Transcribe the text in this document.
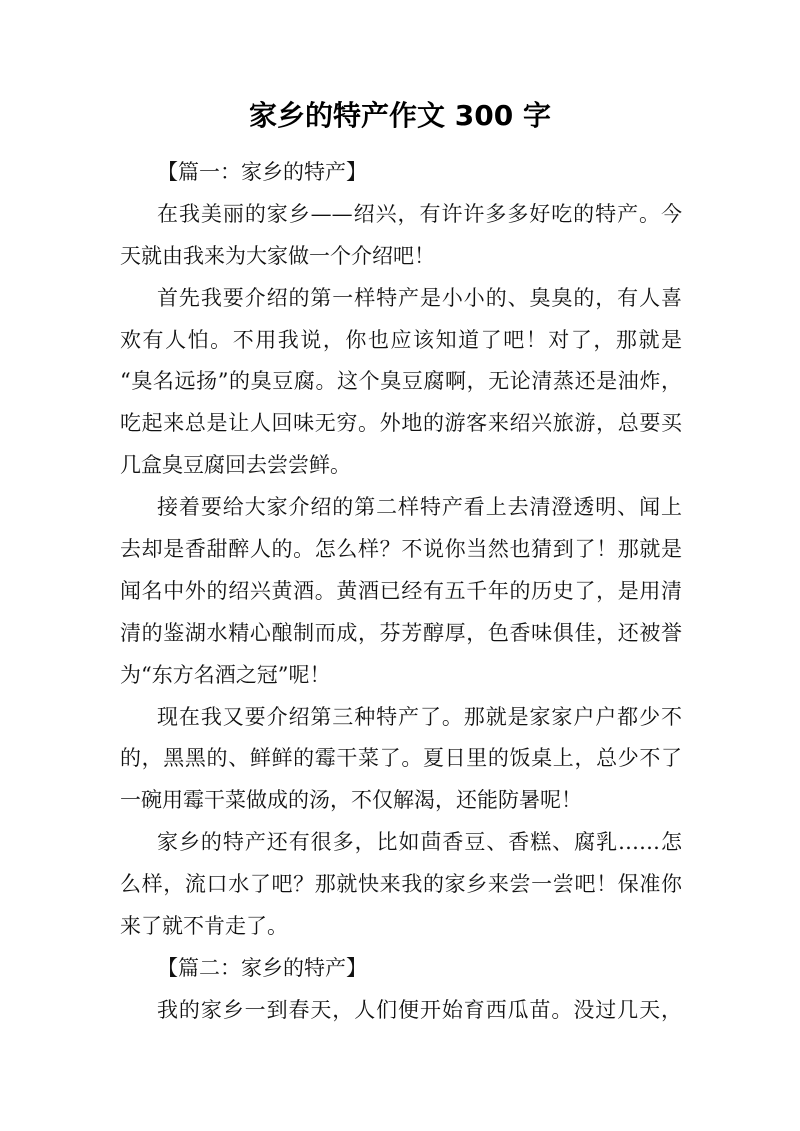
家乡的特产作文 300 字
【篇一：家乡的特产】
在我美丽的家乡——绍兴，有许许多多好吃的特产。今
天就由我来为大家做一个介绍吧！
首先我要介绍的第一样特产是小小的、臭臭的，有人喜
欢有人怕。不用我说，你也应该知道了吧！对了，那就是
“臭名远扬”的臭豆腐。这个臭豆腐啊，无论清蒸还是油炸，
吃起来总是让人回味无穷。外地的游客来绍兴旅游，总要买
几盒臭豆腐回去尝尝鲜。
接着要给大家介绍的第二样特产看上去清澄透明、闻上
去却是香甜醉人的。怎么样？不说你当然也猜到了！那就是
闻名中外的绍兴黄酒。黄酒已经有五千年的历史了，是用清
清的鉴湖水精心酿制而成，芬芳醇厚，色香味俱佳，还被誉
为“东方名酒之冠”呢！
现在我又要介绍第三种特产了。那就是家家户户都少不
的，黑黑的、鲜鲜的霉干菜了。夏日里的饭桌上，总少不了
一碗用霉干菜做成的汤，不仅解渴，还能防暑呢！
家乡的特产还有很多，比如茴香豆、香糕、腐乳……怎
么样，流口水了吧？那就快来我的家乡来尝一尝吧！保准你
来了就不肯走了。
【篇二：家乡的特产】
我的家乡一到春天，人们便开始育西瓜苗。没过几天，
